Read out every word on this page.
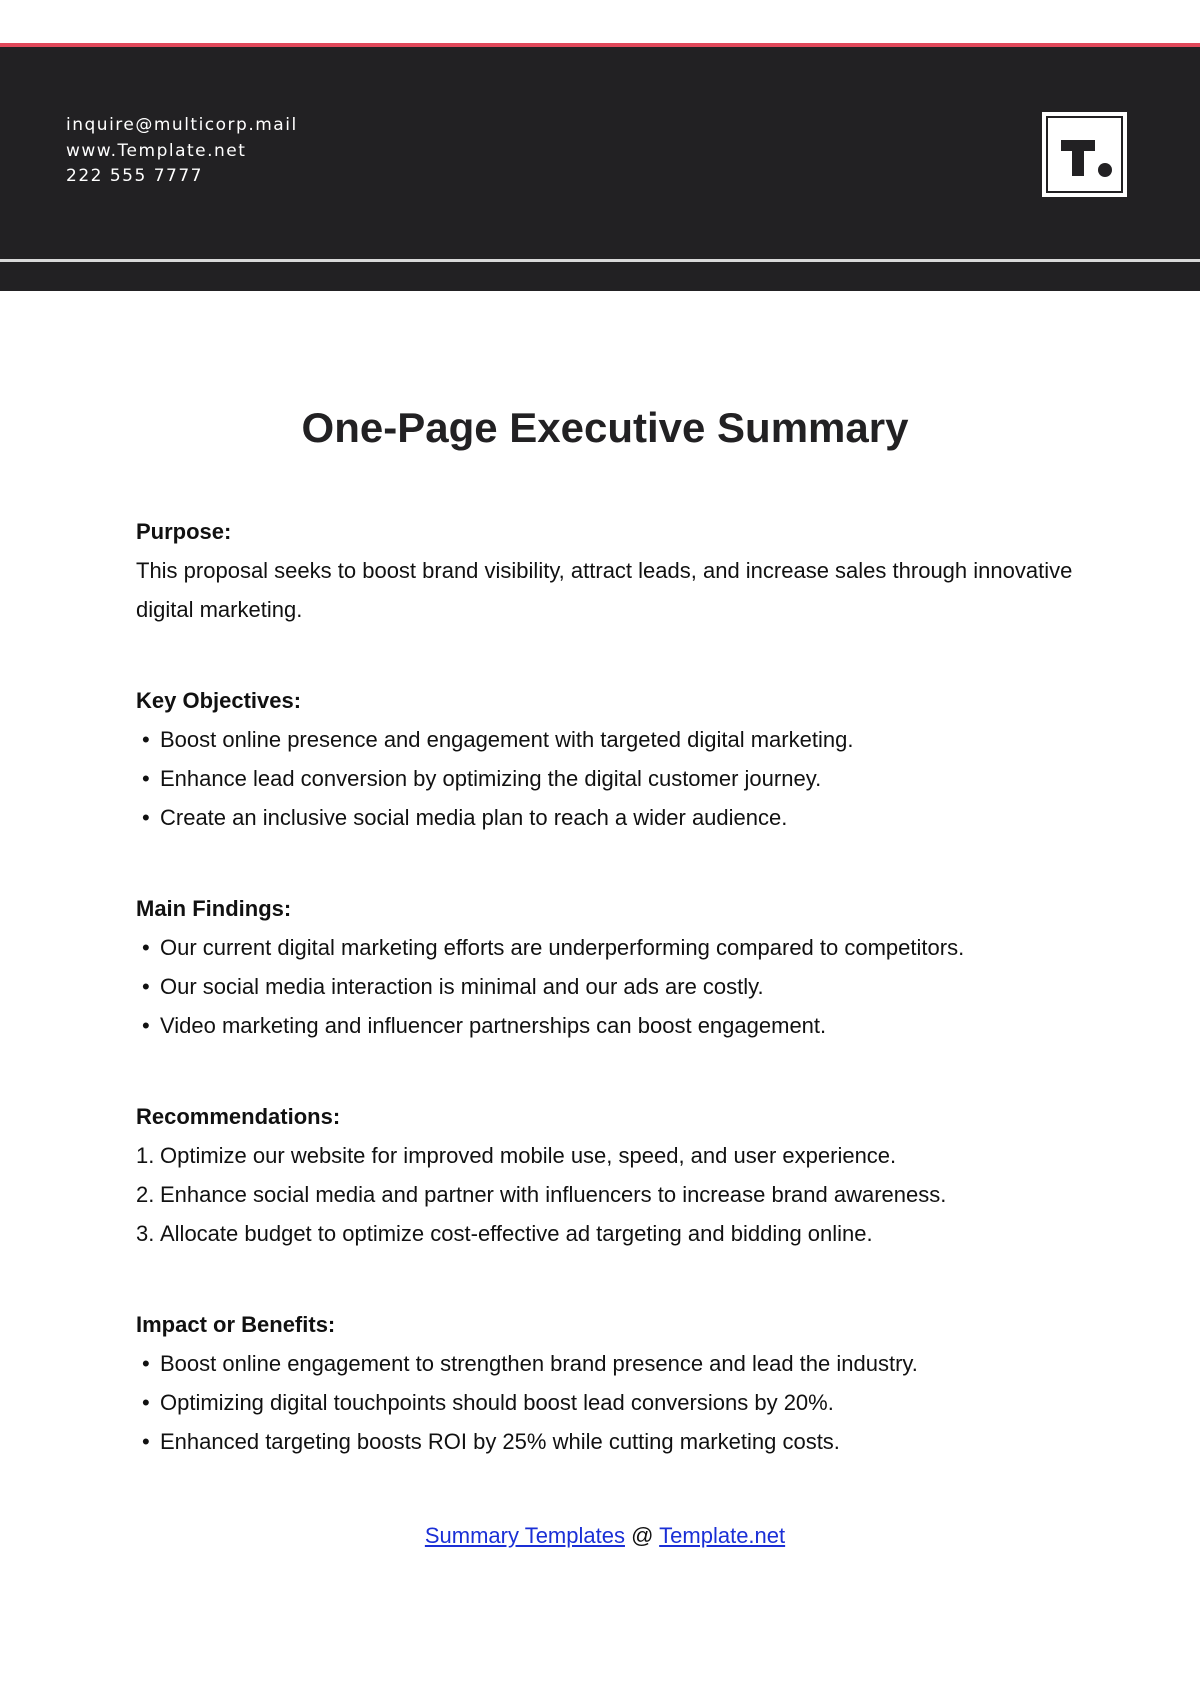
inquire@multicorp.mail
www.Template.net
222 555 7777
One-Page Executive Summary
Purpose:

This proposal seeks to boost brand visibility, attract leads, and increase sales through innovative digital marketing.

Key Objectives:
• Boost online presence and engagement with targeted digital marketing.
• Enhance lead conversion by optimizing the digital customer journey.
• Create an inclusive social media plan to reach a wider audience.
Main Findings:
• Our current digital marketing efforts are underperforming compared to competitors.
• Our social media interaction is minimal and our ads are costly.
• Video marketing and influencer partnerships can boost engagement.
Recommendations:
1. Optimize our website for improved mobile use, speed, and user experience.
2. Enhance social media and partner with influencers to increase brand awareness.
3. Allocate budget to optimize cost-effective ad targeting and bidding online.
Impact or Benefits:
• Boost online engagement to strengthen brand presence and lead the industry.
• Optimizing digital touchpoints should boost lead conversions by 20%.
• Enhanced targeting boosts ROI by 25% while cutting marketing costs.
Summary Templates @ Template.net
